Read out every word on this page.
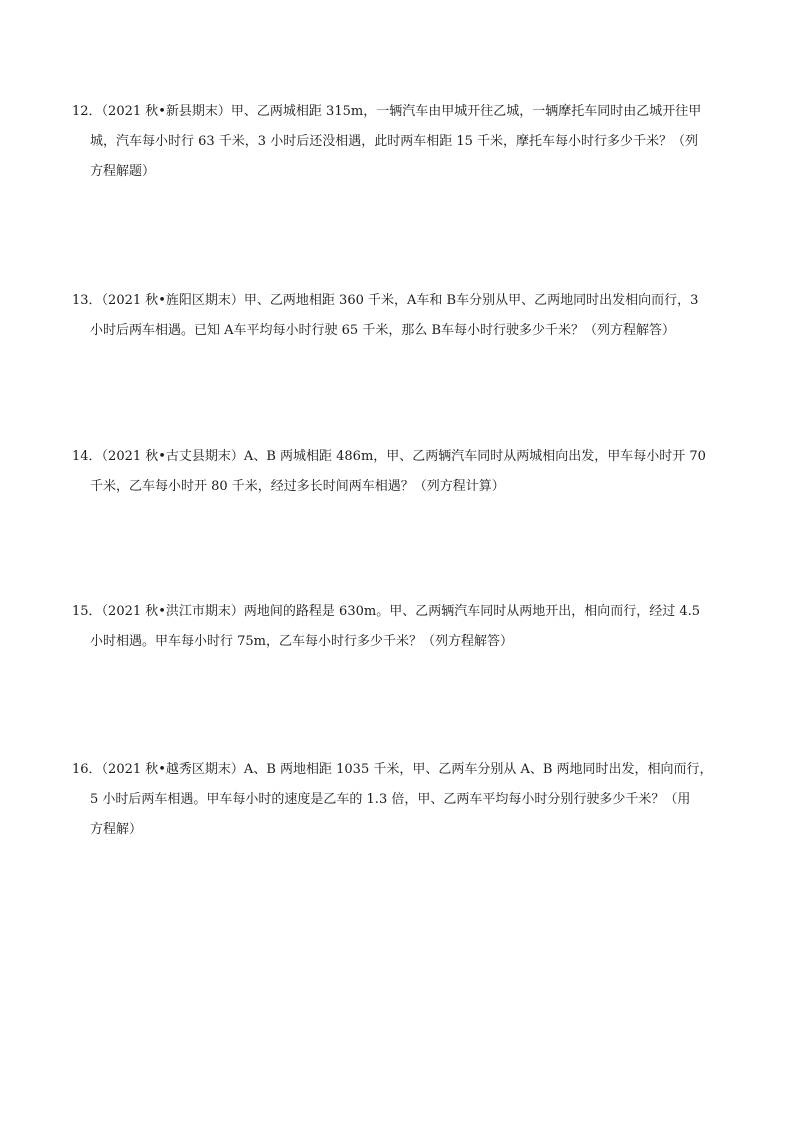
12．（2021 秋•新县期末）甲、乙两城相距 315m，一辆汽车由甲城开往乙城，一辆摩托车同时由乙城开往甲
城，汽车每小时行 63 千米，3 小时后还没相遇，此时两车相距 15 千米，摩托车每小时行多少千米？（列
方程解题）
13．（2021 秋•旌阳区期末）甲、乙两地相距 360 千米，A车和 B车分别从甲、乙两地同时出发相向而行，3
小时后两车相遇。已知 A车平均每小时行驶 65 千米，那么 B车每小时行驶多少千米？（列方程解答）
14．（2021 秋•古丈县期末）A、B 两城相距 486m，甲、乙两辆汽车同时从两城相向出发，甲车每小时开 70
千米，乙车每小时开 80 千米，经过多长时间两车相遇？（列方程计算）
15．（2021 秋•洪江市期末）两地间的路程是 630m。甲、乙两辆汽车同时从两地开出，相向而行，经过 4.5
小时相遇。甲车每小时行 75m，乙车每小时行多少千米？（列方程解答）
16．（2021 秋•越秀区期末）A、B 两地相距 1035 千米，甲、乙两车分别从 A、B 两地同时出发，相向而行，
5 小时后两车相遇。甲车每小时的速度是乙车的 1.3 倍，甲、乙两车平均每小时分别行驶多少千米？（用
方程解）
